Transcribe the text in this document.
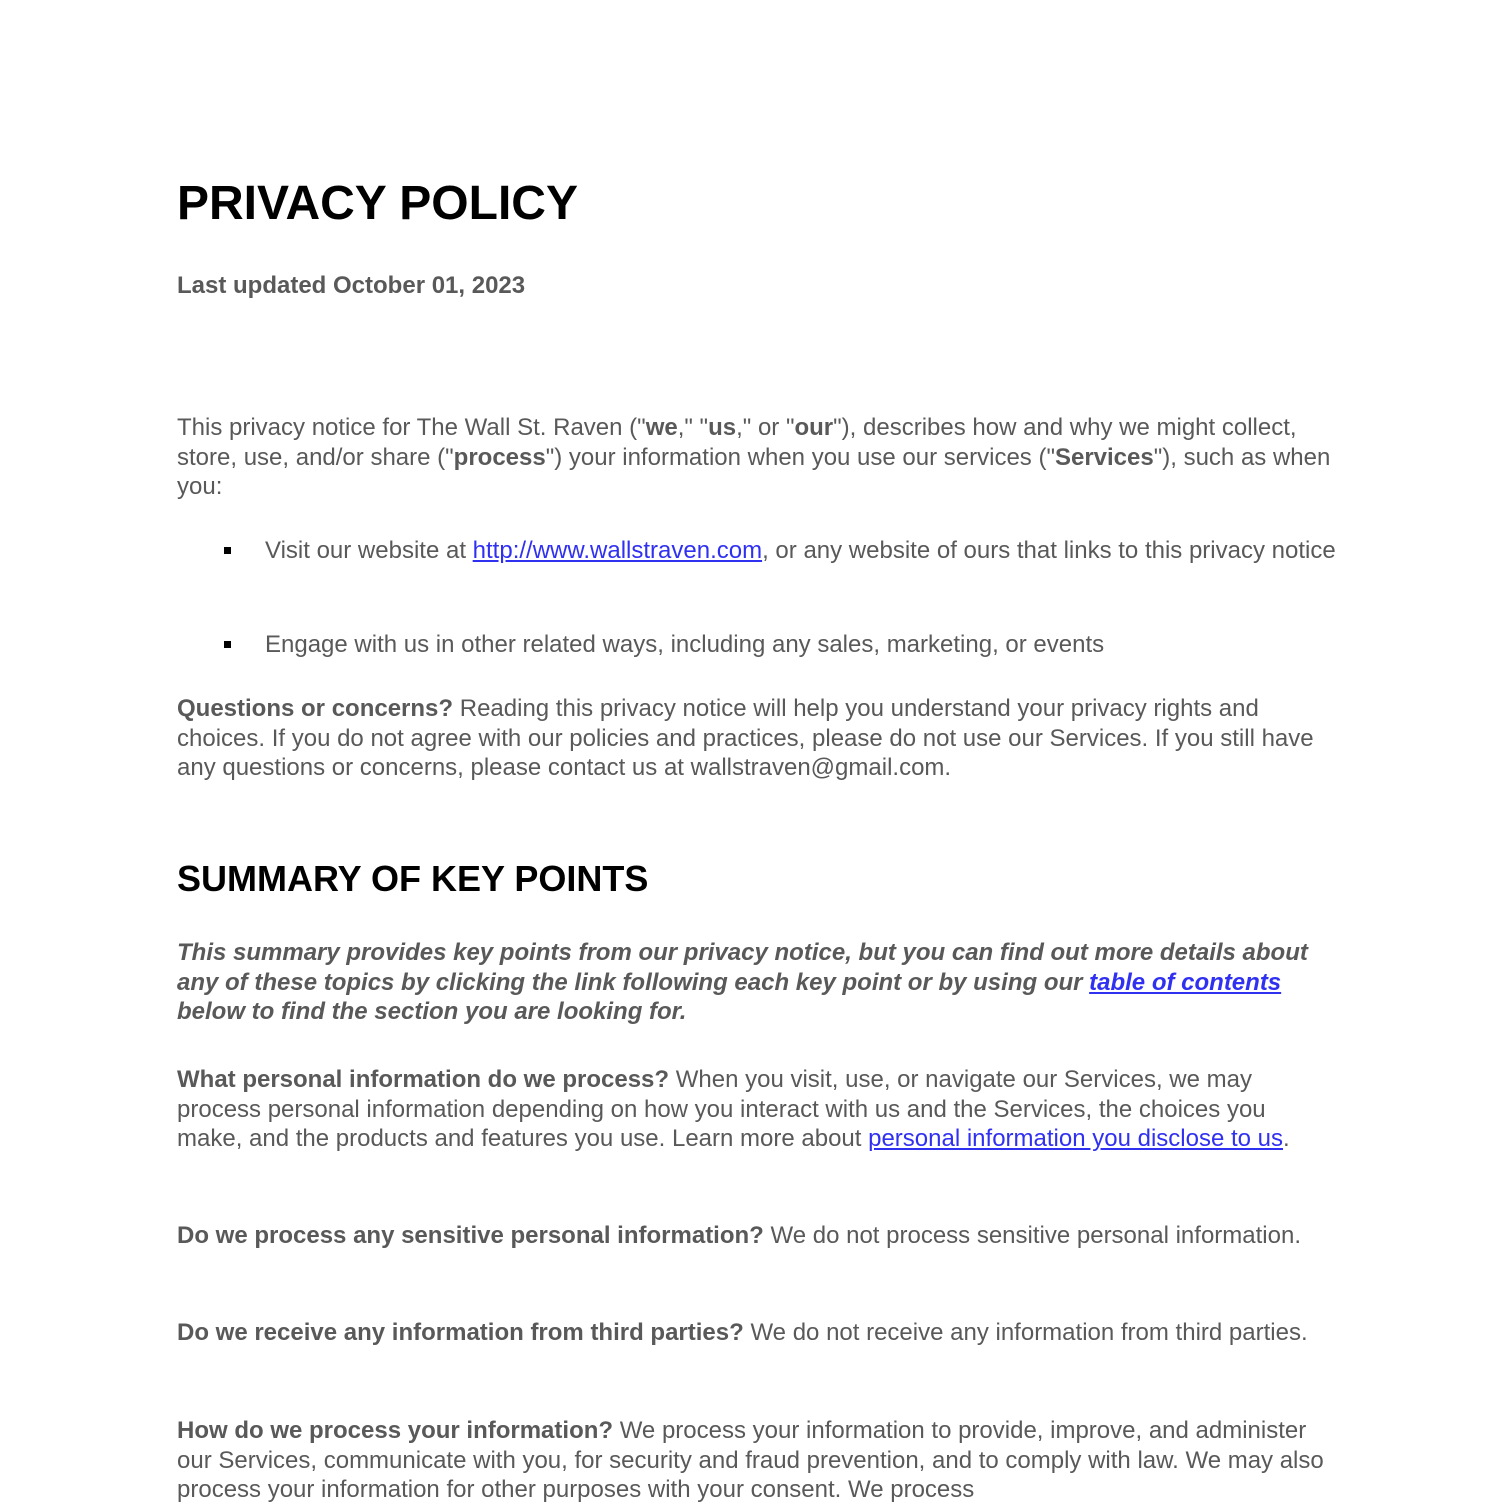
PRIVACY POLICY

Last updated October 01, 2023

This privacy notice for The Wall St. Raven ("we," "us," or "our"), describes how and why we might collect, store, use, and/or share ("process") your information when you use our services ("Services"), such as when you:

Visit our website at http://www.wallstraven.com, or any website of ours that links to this privacy notice
Engage with us in other related ways, including any sales, marketing, or events

Questions or concerns? Reading this privacy notice will help you understand your privacy rights and choices. If you do not agree with our policies and practices, please do not use our Services. If you still have any questions or concerns, please contact us at wallstraven@gmail.com.

SUMMARY OF KEY POINTS

This summary provides key points from our privacy notice, but you can find out more details about any of these topics by clicking the link following each key point or by using our table of contents below to find the section you are looking for.

What personal information do we process? When you visit, use, or navigate our Services, we may process personal information depending on how you interact with us and the Services, the choices you make, and the products and features you use. Learn more about personal information you disclose to us.

Do we process any sensitive personal information? We do not process sensitive personal information.

Do we receive any information from third parties? We do not receive any information from third parties.

How do we process your information? We process your information to provide, improve, and administer our Services, communicate with you, for security and fraud prevention, and to comply with law. We may also process your information for other purposes with your consent. We process
